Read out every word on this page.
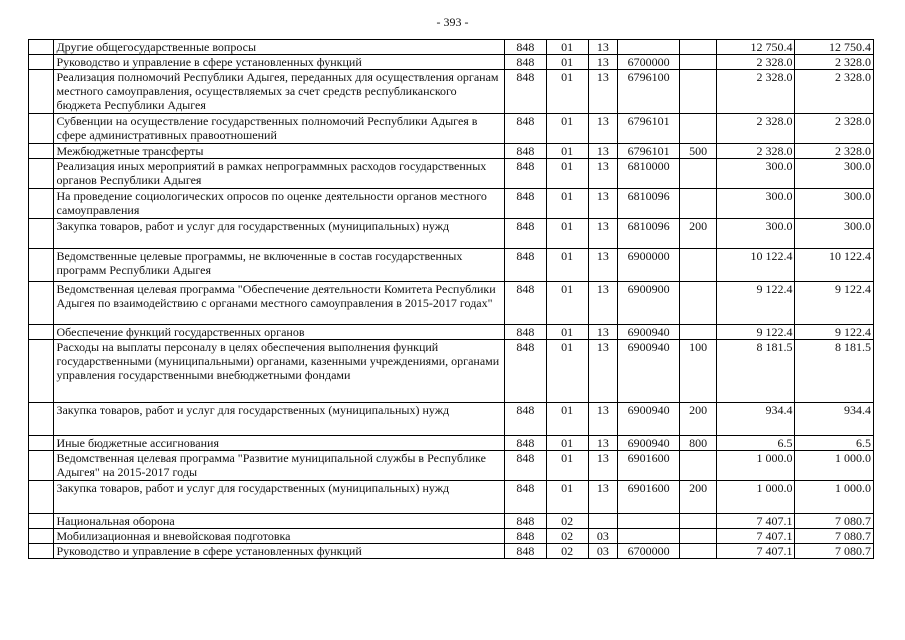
- 393 -
	Другие общегосударственные вопросы	848	01	13			12 750.4	12 750.4
	Руководство и управление в сфере установленных функций	848	01	13	6700000		2 328.0	2 328.0
	Реализация полномочий Республики Адыгея, переданных для осуществления органам местного самоуправления, осуществляемых за счет средств республиканского бюджета Республики Адыгея	848	01	13	6796100		2 328.0	2 328.0
	Субвенции на осуществление государственных полномочий Республики Адыгея в сфере административных правоотношений	848	01	13	6796101		2 328.0	2 328.0
	Межбюджетные трансферты	848	01	13	6796101	500	2 328.0	2 328.0
	Реализация иных мероприятий в рамках непрограммных расходов государственных органов Республики Адыгея	848	01	13	6810000		300.0	300.0
	На проведение социологических опросов по оценке деятельности органов местного самоуправления	848	01	13	6810096		300.0	300.0
	Закупка товаров, работ и услуг для государственных (муниципальных) нужд	848	01	13	6810096	200	300.0	300.0
	Ведомственные целевые программы, не включенные в состав государственных программ Республики Адыгея	848	01	13	6900000		10 122.4	10 122.4
	Ведомственная целевая программа "Обеспечение деятельности Комитета Республики Адыгея по взаимодействию с органами местного самоуправления в 2015-2017 годах"	848	01	13	6900900		9 122.4	9 122.4
	Обеспечение функций государственных органов	848	01	13	6900940		9 122.4	9 122.4
	Расходы на выплаты персоналу в целях обеспечения выполнения функций государственными (муниципальными) органами, казенными учреждениями, органами управления государственными внебюджетными фондами	848	01	13	6900940	100	8 181.5	8 181.5
	Закупка товаров, работ и услуг для государственных (муниципальных) нужд	848	01	13	6900940	200	934.4	934.4
	Иные бюджетные ассигнования	848	01	13	6900940	800	6.5	6.5
	Ведомственная целевая программа "Развитие муниципальной службы в Республике Адыгея" на 2015-2017 годы	848	01	13	6901600		1 000.0	1 000.0
	Закупка товаров, работ и услуг для государственных (муниципальных) нужд	848	01	13	6901600	200	1 000.0	1 000.0
	Национальная оборона	848	02				7 407.1	7 080.7
	Мобилизационная и вневойсковая подготовка	848	02	03			7 407.1	7 080.7
	Руководство и управление в сфере установленных функций	848	02	03	6700000		7 407.1	7 080.7
